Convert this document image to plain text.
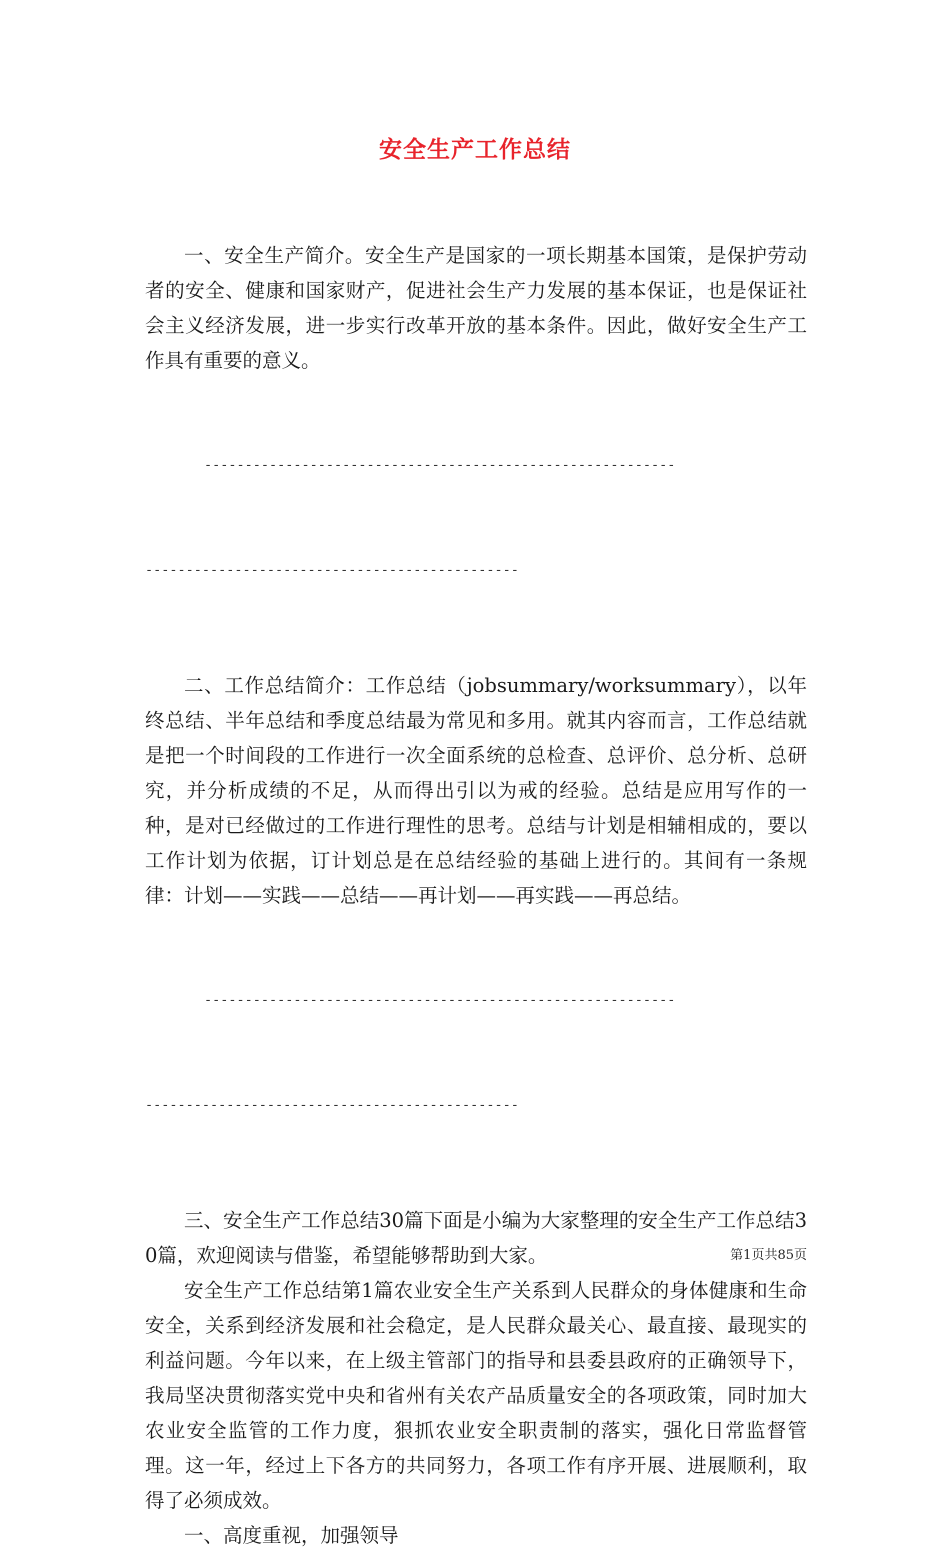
安全生产工作总结

一、安全生产简介。安全生产是国家的一项长期基本国策，是保护劳动者的安全、健康和国家财产，促进社会生产力发展的基本保证，也是保证社会主义经济发展，进一步实行改革开放的基本条件。因此，做好安全生产工作具有重要的意义。

----------------------------------------------------------

----------------------------------------------

二、工作总结简介：工作总结（jobsummary/worksummary），以年终总结、半年总结和季度总结最为常见和多用。就其内容而言，工作总结就是把一个时间段的工作进行一次全面系统的总检查、总评价、总分析、总研究，并分析成绩的不足，从而得出引以为戒的经验。总结是应用写作的一种，是对已经做过的工作进行理性的思考。总结与计划是相辅相成的，要以工作计划为依据，订计划总是在总结经验的基础上进行的。其间有一条规律：计划——实践——总结——再计划——再实践——再总结。

----------------------------------------------------------

----------------------------------------------

三、安全生产工作总结30篇下面是小编为大家整理的安全生产工作总结30篇，欢迎阅读与借鉴，希望能够帮助到大家。

安全生产工作总结第1篇农业安全生产关系到人民群众的身体健康和生命安全，关系到经济发展和社会稳定，是人民群众最关心、最直接、最现实的利益问题。今年以来，在上级主管部门的指导和县委县政府的正确领导下，我局坚决贯彻落实党中央和省州有关农产品质量安全的各项政策，同时加大农业安全监管的工作力度，狠抓农业安全职责制的落实，强化日常监督管理。这一年，经过上下各方的共同努力，各项工作有序开展、进展顺利，取得了必须成效。

一、高度重视，加强领导

第1页共85页
